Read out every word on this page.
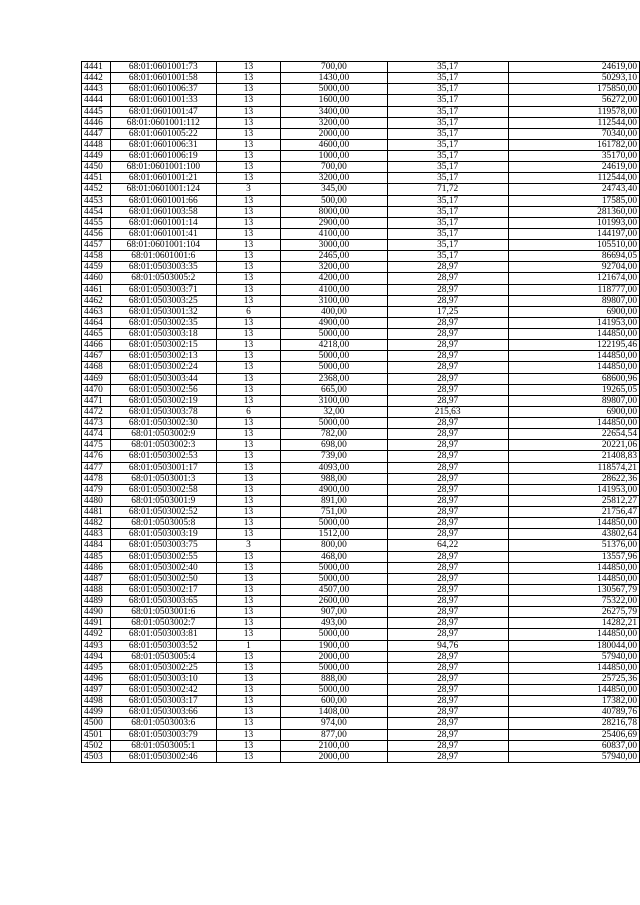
4441	68:01:0601001:73	13	700,00	35,17	24619,00
4442	68:01:0601001:58	13	1430,00	35,17	50293,10
4443	68:01:0601006:37	13	5000,00	35,17	175850,00
4444	68:01:0601001:33	13	1600,00	35,17	56272,00
4445	68:01:0601001:47	13	3400,00	35,17	119578,00
4446	68:01:0601001:112	13	3200,00	35,17	112544,00
4447	68:01:0601005:22	13	2000,00	35,17	70340,00
4448	68:01:0601006:31	13	4600,00	35,17	161782,00
4449	68:01:0601006:19	13	1000,00	35,17	35170,00
4450	68:01:0601001:100	13	700,00	35,17	24619,00
4451	68:01:0601001:21	13	3200,00	35,17	112544,00
4452	68:01:0601001:124	3	345,00	71,72	24743,40
4453	68:01:0601001:66	13	500,00	35,17	17585,00
4454	68:01:0601003:58	13	8000,00	35,17	281360,00
4455	68:01:0601001:14	13	2900,00	35,17	101993,00
4456	68:01:0601001:41	13	4100,00	35,17	144197,00
4457	68:01:0601001:104	13	3000,00	35,17	105510,00
4458	68:01:0601001:6	13	2465,00	35,17	86694,05
4459	68:01:0503003:35	13	3200,00	28,97	92704,00
4460	68:01:0503005:2	13	4200,00	28,97	121674,00
4461	68:01:0503003:71	13	4100,00	28,97	118777,00
4462	68:01:0503003:25	13	3100,00	28,97	89807,00
4463	68:01:0503001:32	6	400,00	17,25	6900,00
4464	68:01:0503002:35	13	4900,00	28,97	141953,00
4465	68:01:0503003:18	13	5000,00	28,97	144850,00
4466	68:01:0503002:15	13	4218,00	28,97	122195,46
4467	68:01:0503002:13	13	5000,00	28,97	144850,00
4468	68:01:0503002:24	13	5000,00	28,97	144850,00
4469	68:01:0503003:44	13	2368,00	28,97	68600,96
4470	68:01:0503002:56	13	665,00	28,97	19265,05
4471	68:01:0503002:19	13	3100,00	28,97	89807,00
4472	68:01:0503003:78	6	32,00	215,63	6900,00
4473	68:01:0503002:30	13	5000,00	28,97	144850,00
4474	68:01:0503002:9	13	782,00	28,97	22654,54
4475	68:01:0503002:3	13	698,00	28,97	20221,06
4476	68:01:0503002:53	13	739,00	28,97	21408,83
4477	68:01:0503001:17	13	4093,00	28,97	118574,21
4478	68:01:0503001:3	13	988,00	28,97	28622,36
4479	68:01:0503002:58	13	4900,00	28,97	141953,00
4480	68:01:0503001:9	13	891,00	28,97	25812,27
4481	68:01:0503002:52	13	751,00	28,97	21756,47
4482	68:01:0503005:8	13	5000,00	28,97	144850,00
4483	68:01:0503003:19	13	1512,00	28,97	43802,64
4484	68:01:0503003:75	3	800,00	64,22	51376,00
4485	68:01:0503002:55	13	468,00	28,97	13557,96
4486	68:01:0503002:40	13	5000,00	28,97	144850,00
4487	68:01:0503002:50	13	5000,00	28,97	144850,00
4488	68:01:0503002:17	13	4507,00	28,97	130567,79
4489	68:01:0503003:65	13	2600,00	28,97	75322,00
4490	68:01:0503001:6	13	907,00	28,97	26275,79
4491	68:01:0503002:7	13	493,00	28,97	14282,21
4492	68:01:0503003:81	13	5000,00	28,97	144850,00
4493	68:01:0503003:52	1	1900,00	94,76	180044,00
4494	68:01:0503005:4	13	2000,00	28,97	57940,00
4495	68:01:0503002:25	13	5000,00	28,97	144850,00
4496	68:01:0503003:10	13	888,00	28,97	25725,36
4497	68:01:0503002:42	13	5000,00	28,97	144850,00
4498	68:01:0503003:17	13	600,00	28,97	17382,00
4499	68:01:0503003:66	13	1408,00	28,97	40789,76
4500	68:01:0503003:6	13	974,00	28,97	28216,78
4501	68:01:0503003:79	13	877,00	28,97	25406,69
4502	68:01:0503005:1	13	2100,00	28,97	60837,00
4503	68:01:0503002:46	13	2000,00	28,97	57940,00
